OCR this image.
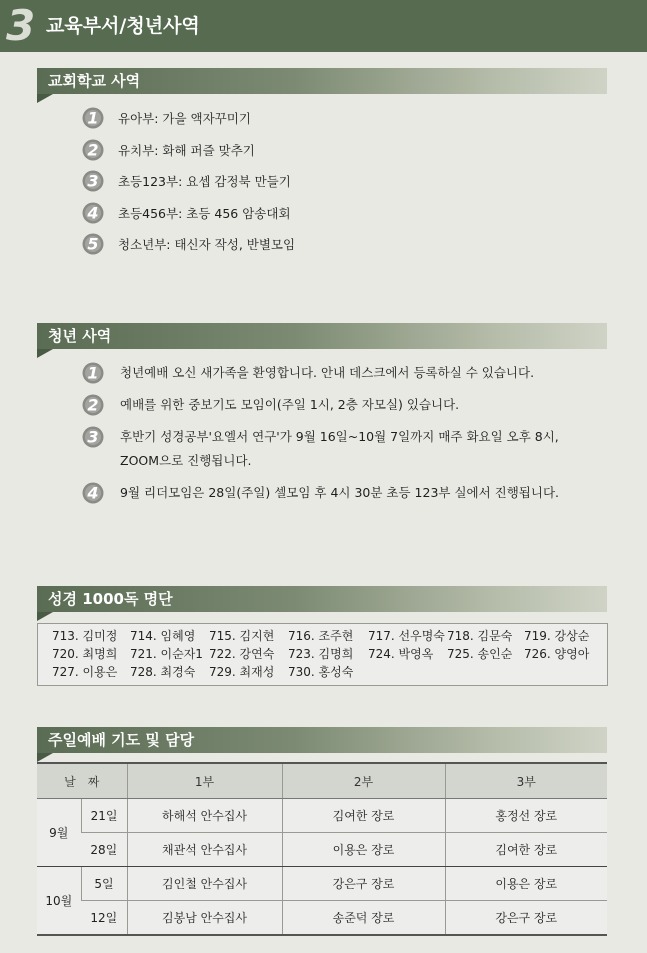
3 교육부서/청년사역
교회학교 사역
1 유아부: 가을 액자꾸미기
2 유치부: 화해 퍼즐 맞추기
3 초등123부: 요셉 감정북 만들기
4 초등456부: 초등 456 암송대회
5 청소년부: 태신자 작성, 반별모임
청년 사역
1 청년예배 오신 새가족을 환영합니다. 안내 데스크에서 등록하실 수 있습니다.
2 예배를 위한 중보기도 모임이(주일 1시, 2층 자모실) 있습니다.
3 후반기 성경공부'요엘서 연구'가 9월 16일~10월 7일까지 매주 화요일 오후 8시,
ZOOM으로 진행됩니다.
4 9월 리더모임은 28일(주일) 셀모임 후 4시 30분 초등 123부 실에서 진행됩니다.
성경 1000독 명단
713. 김미정 714. 임혜영 715. 김지현 716. 조주현 717. 선우명숙 718. 김문숙 719. 강상순
720. 최명희 721. 이순자1 722. 강연숙 723. 김명희 724. 박영옥 725. 송인순 726. 양영아
727. 이용은 728. 최경숙 729. 최재성 730. 홍성숙
주일예배 기도 및 담당
날　짜		1부	2부	3부
9월	21일	하해석 안수집사	김여한 장로	홍정선 장로
	28일	채관석 안수집사	이용은 장로	김여한 장로
10월	5일	김인철 안수집사	강은구 장로	이용은 장로
	12일	김봉남 안수집사	송준덕 장로	강은구 장로
